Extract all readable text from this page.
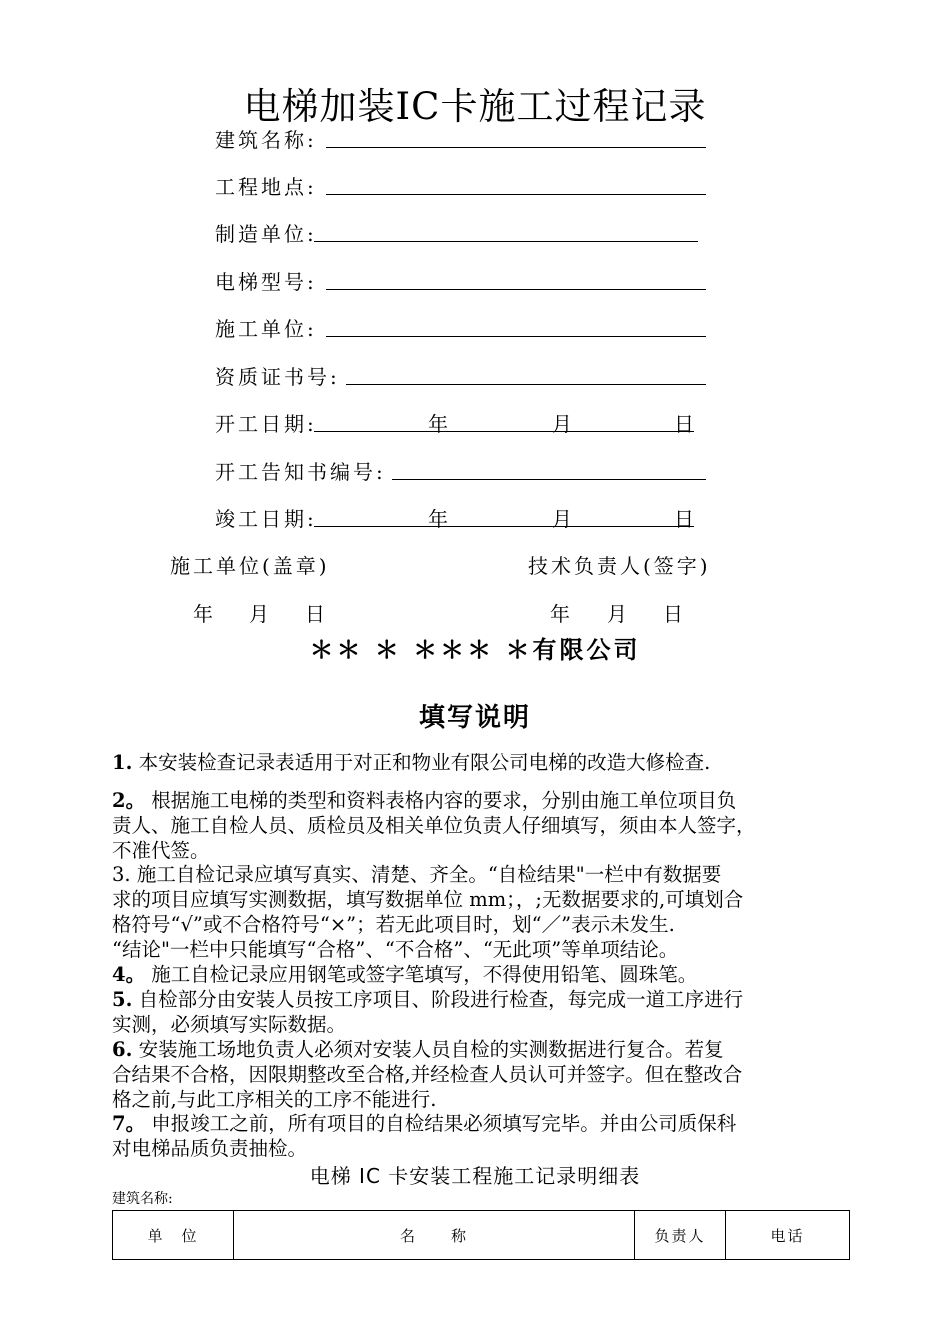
电梯加装IC卡施工过程记录
建筑名称:
工程地点:
制造单位:
电梯型号:
施工单位:
资质证书号:
开工日期:	年	月	日
开工告知书编号:
竣工日期:	年	月	日
施工单位(盖章)	技术负责人(签字)
年 月 日	年 月 日
＊＊ ＊ ＊＊＊ ＊有限公司
填写说明
1. 本安装检查记录表适用于对正和物业有限公司电梯的改造大修检查.
2。 根据施工电梯的类型和资料表格内容的要求，分别由施工单位项目负
责人、施工自检人员、质检员及相关单位负责人仔细填写，须由本人签字，
不准代签。
3. 施工自检记录应填写真实、清楚、齐全。“自检结果"一栏中有数据要
求的项目应填写实测数据，填写数据单位 mm；，;无数据要求的,可填划合
格符号“√”或不合格符号“×”；若无此项目时，划“／”表示未发生.
“结论"一栏中只能填写“合格”、“不合格”、“无此项”等单项结论。
4。 施工自检记录应用钢笔或签字笔填写，不得使用铅笔、圆珠笔。
5. 自检部分由安装人员按工序项目、阶段进行检查，每完成一道工序进行
实测，必须填写实际数据。
6. 安装施工场地负责人必须对安装人员自检的实测数据进行复合。若复
合结果不合格，因限期整改至合格,并经检查人员认可并签字。但在整改合
格之前,与此工序相关的工序不能进行.
7。 申报竣工之前，所有项目的自检结果必须填写完毕。并由公司质保科
对电梯品质负责抽检。
电梯 IC 卡安装工程施工记录明细表
建筑名称:
单　位	名　　称	负责人	电话
